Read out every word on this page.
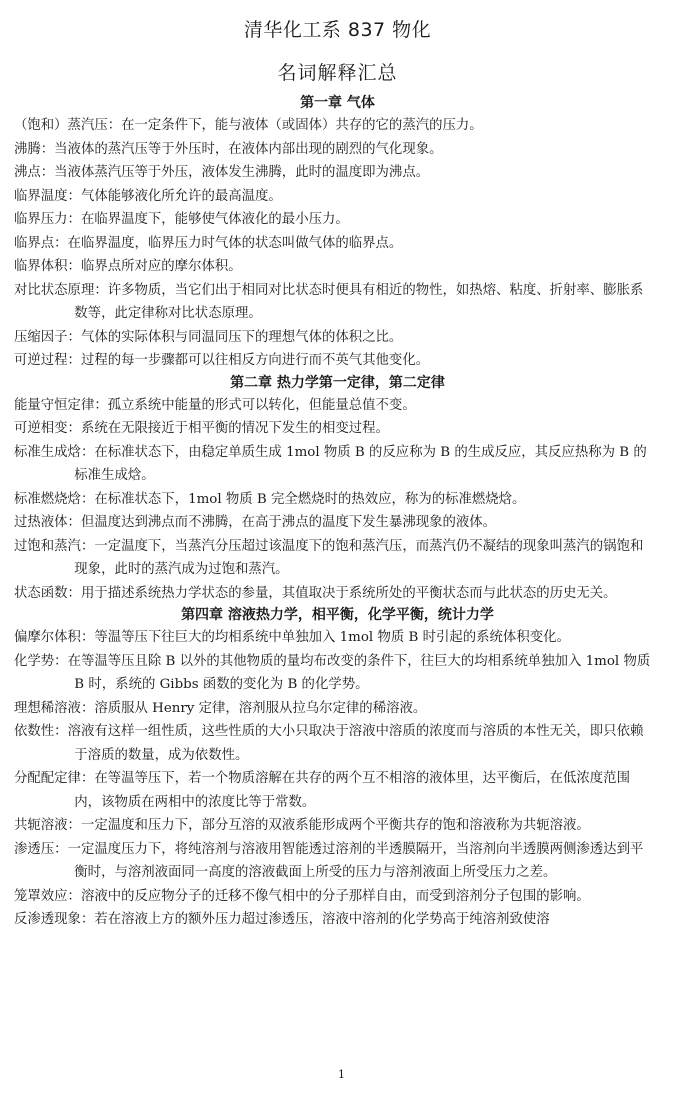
清华化工系 837 物化
名词解释汇总
第一章 气体

（饱和）蒸汽压：在一定条件下，能与液体（或固体）共存的它的蒸汽的压力。

沸腾：当液体的蒸汽压等于外压时，在液体内部出现的剧烈的气化现象。

沸点：当液体蒸汽压等于外压，液体发生沸腾，此时的温度即为沸点。

临界温度：气体能够液化所允许的最高温度。

临界压力：在临界温度下，能够使气体液化的最小压力。

临界点：在临界温度，临界压力时气体的状态叫做气体的临界点。

临界体积：临界点所对应的摩尔体积。

对比状态原理：许多物质，当它们出于相同对比状态时便具有相近的物性，如热熔、粘度、折射率、膨胀系数等，此定律称对比状态原理。

压缩因子：气体的实际体积与同温同压下的理想气体的体积之比。

可逆过程：过程的每一步骤都可以往相反方向进行而不英气其他变化。

第二章 热力学第一定律，第二定律

能量守恒定律：孤立系统中能量的形式可以转化，但能量总值不变。

可逆相变：系统在无限接近于相平衡的情况下发生的相变过程。

标准生成焓：在标准状态下，由稳定单质生成 1mol 物质 B 的反应称为 B 的生成反应，其反应热称为 B 的标准生成焓。

标准燃烧焓：在标准状态下，1mol 物质 B 完全燃烧时的热效应，称为的标准燃烧焓。

过热液体：但温度达到沸点而不沸腾，在高于沸点的温度下发生暴沸现象的液体。

过饱和蒸汽：一定温度下，当蒸汽分压超过该温度下的饱和蒸汽压，而蒸汽仍不凝结的现象叫蒸汽的锅饱和现象，此时的蒸汽成为过饱和蒸汽。

状态函数：用于描述系统热力学状态的参量，其值取决于系统所处的平衡状态而与此状态的历史无关。

第四章 溶液热力学，相平衡，化学平衡，统计力学

偏摩尔体积：等温等压下往巨大的均相系统中单独加入 1mol 物质 B 时引起的系统体积变化。

化学势：在等温等压且除 B 以外的其他物质的量均布改变的条件下，往巨大的均相系统单独加入 1mol 物质 B 时，系统的 Gibbs 函数的变化为 B 的化学势。

理想稀溶液：溶质服从 Henry 定律，溶剂服从拉乌尔定律的稀溶液。

依数性：溶液有这样一组性质，这些性质的大小只取决于溶液中溶质的浓度而与溶质的本性无关，即只依赖于溶质的数量，成为依数性。

分配配定律：在等温等压下，若一个物质溶解在共存的两个互不相溶的液体里，达平衡后，在低浓度范围内，该物质在两相中的浓度比等于常数。

共轭溶液：一定温度和压力下，部分互溶的双液系能形成两个平衡共存的饱和溶液称为共轭溶液。

渗透压：一定温度压力下，将纯溶剂与溶液用智能透过溶剂的半透膜隔开，当溶剂向半透膜两侧渗透达到平衡时，与溶剂液面同一高度的溶液截面上所受的压力与溶剂液面上所受压力之差。

笼罩效应：溶液中的反应物分子的迁移不像气相中的分子那样自由，而受到溶剂分子包围的影响。

反渗透现象：若在溶液上方的额外压力超过渗透压，溶液中溶剂的化学势高于纯溶剂致使溶

1
